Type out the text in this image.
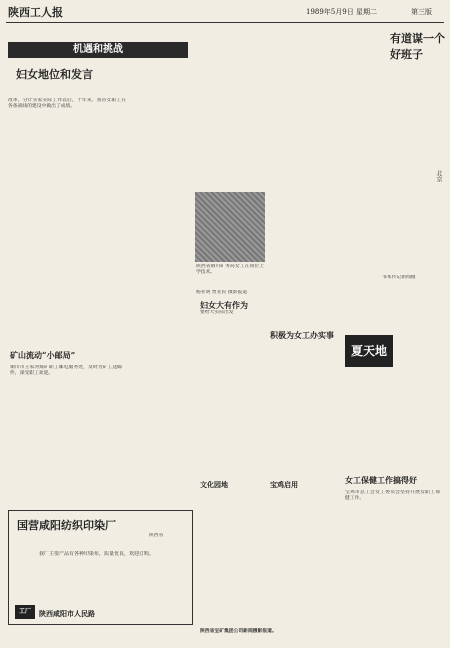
陕西工人报	1989年5月9日 星期二	第三版
机遇和挑战
妇女地位和发言
改革，分计实家实际工作以后，十年来，我省女职工在各条战线的建设中做出了成绩。
陕西省铜川矿务局女工在岗位上学技术。
杨亚明 贾亚民 摄影报道
妇女大有作为
要给大实际出发
积极为女工办实事
有道谋一个好班子
北京
书本传记新闻摄
夏天地
矿山流动“小邮局”
铜川市王家河煤矿职工邮电服务处，及时为矿工送邮件，深受职工欢迎。
女工保健工作搞得好
宝鸡市总工会女工委员会坚持开展女职工保健工作。
文化园地	宝鸡启用
国营咸阳纺织印染厂
陕西省
我厂主要产品有各种印染布，质量优良，欢迎订购。
陕西咸阳市人民路
工厂
陕西省宝矿集团公司新闻摄影报道。
